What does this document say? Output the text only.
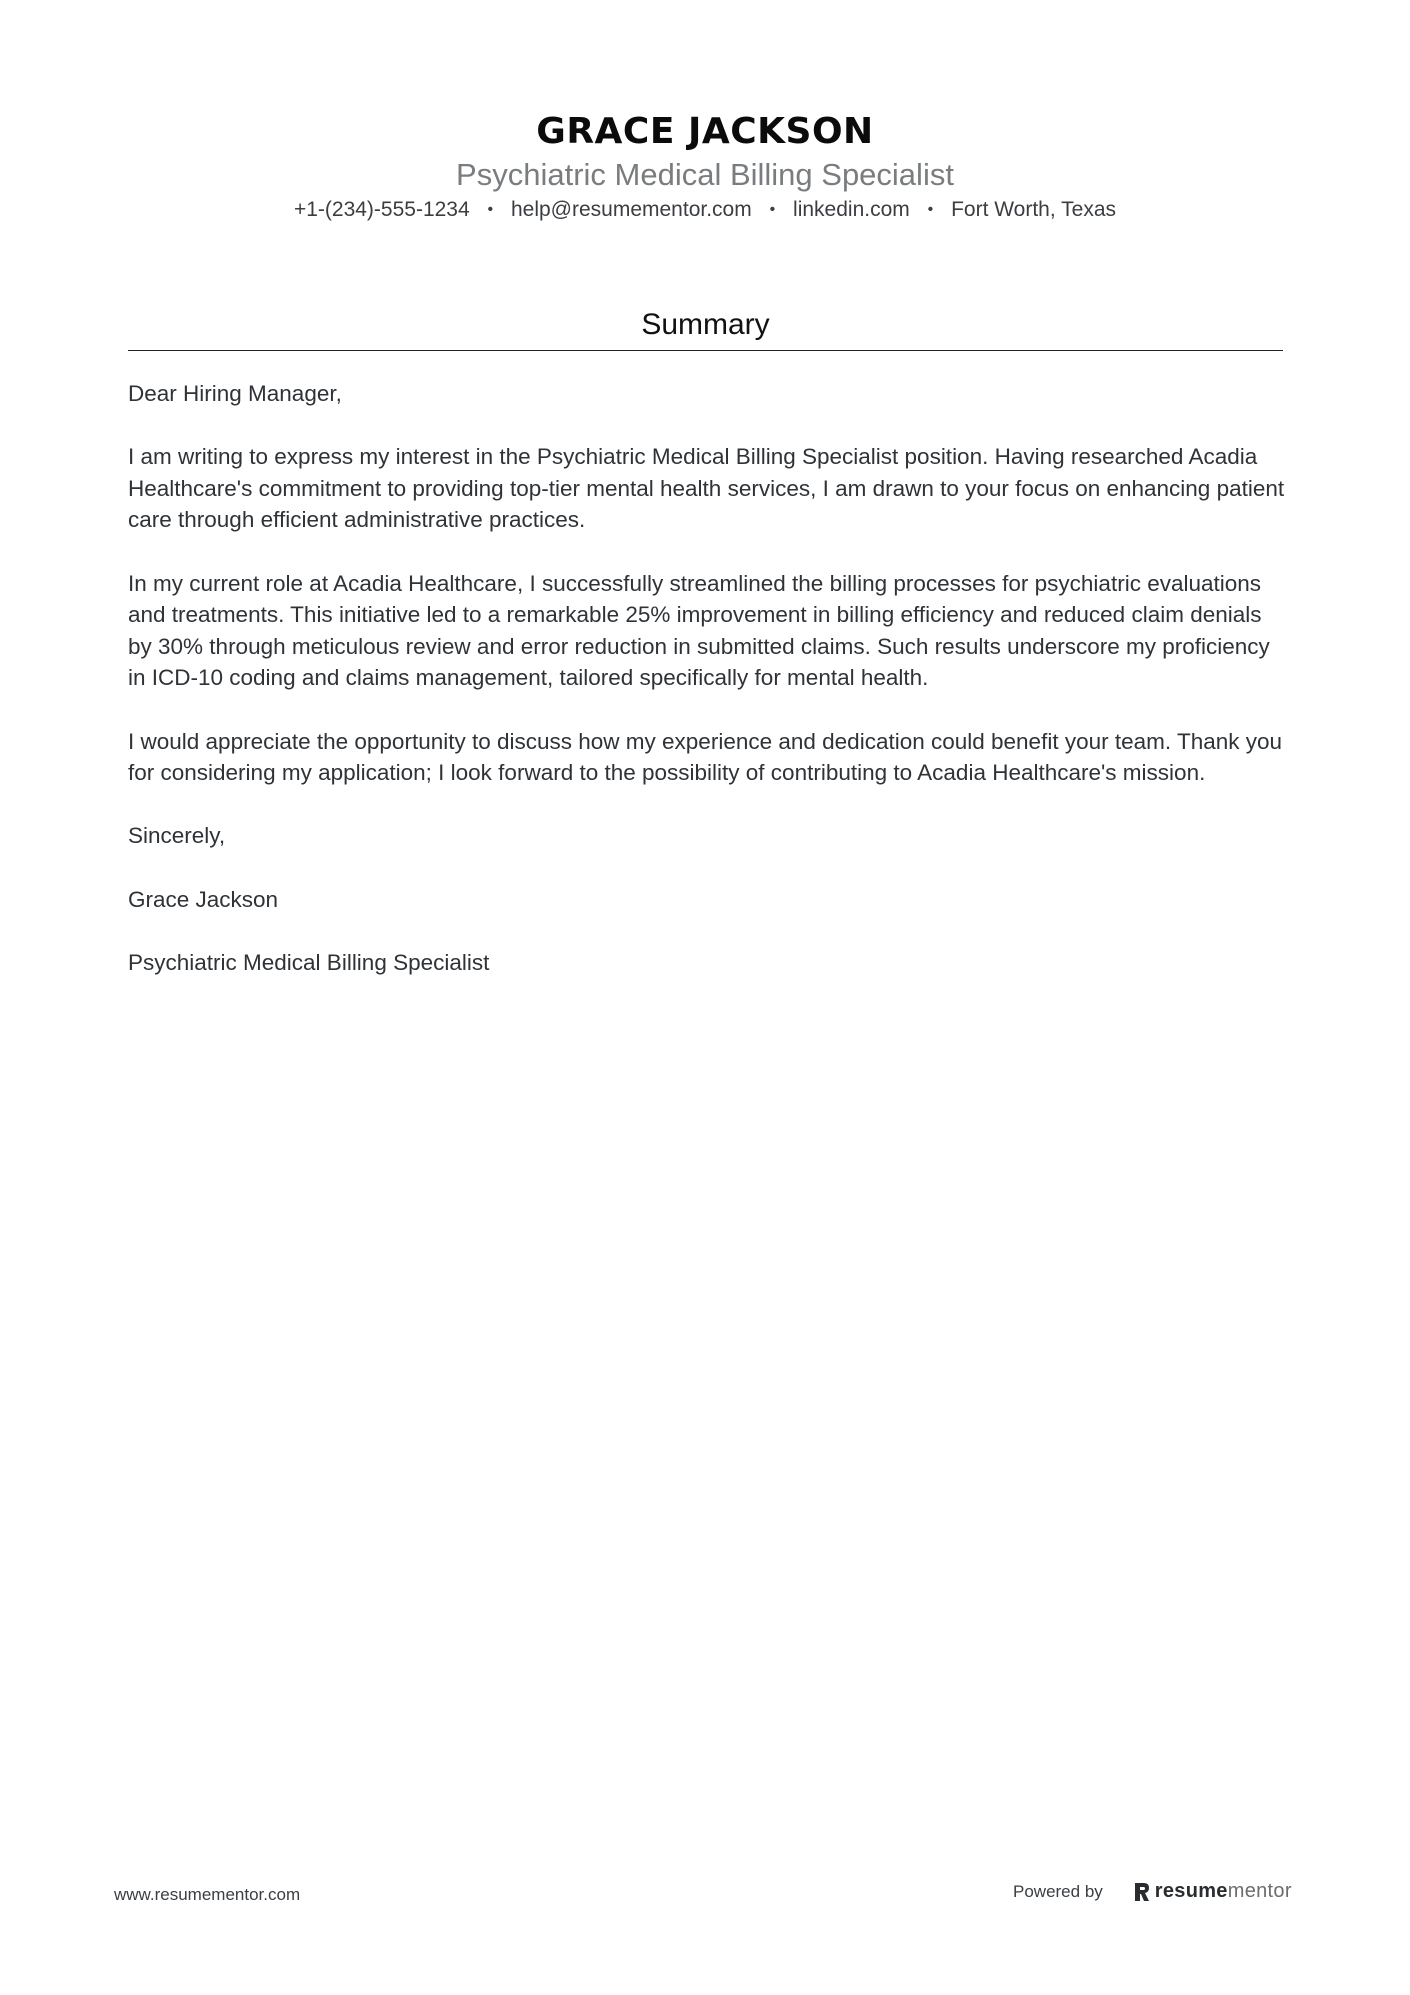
GRACE JACKSON
Psychiatric Medical Billing Specialist
+1-(234)-555-1234 • help@resumementor.com • linkedin.com • Fort Worth, Texas
Summary

Dear Hiring Manager,

I am writing to express my interest in the Psychiatric Medical Billing Specialist position. Having researched Acadia Healthcare's commitment to providing top-tier mental health services, I am drawn to your focus on enhancing patient care through efficient administrative practices.

In my current role at Acadia Healthcare, I successfully streamlined the billing processes for psychiatric evaluations and treatments. This initiative led to a remarkable 25% improvement in billing efficiency and reduced claim denials by 30% through meticulous review and error reduction in submitted claims. Such results underscore my proficiency in ICD-10 coding and claims management, tailored specifically for mental health.

I would appreciate the opportunity to discuss how my experience and dedication could benefit your team. Thank you for considering my application; I look forward to the possibility of contributing to Acadia Healthcare's mission.

Sincerely,

Grace Jackson

Psychiatric Medical Billing Specialist

www.resumementor.com	Powered by	resumementor
